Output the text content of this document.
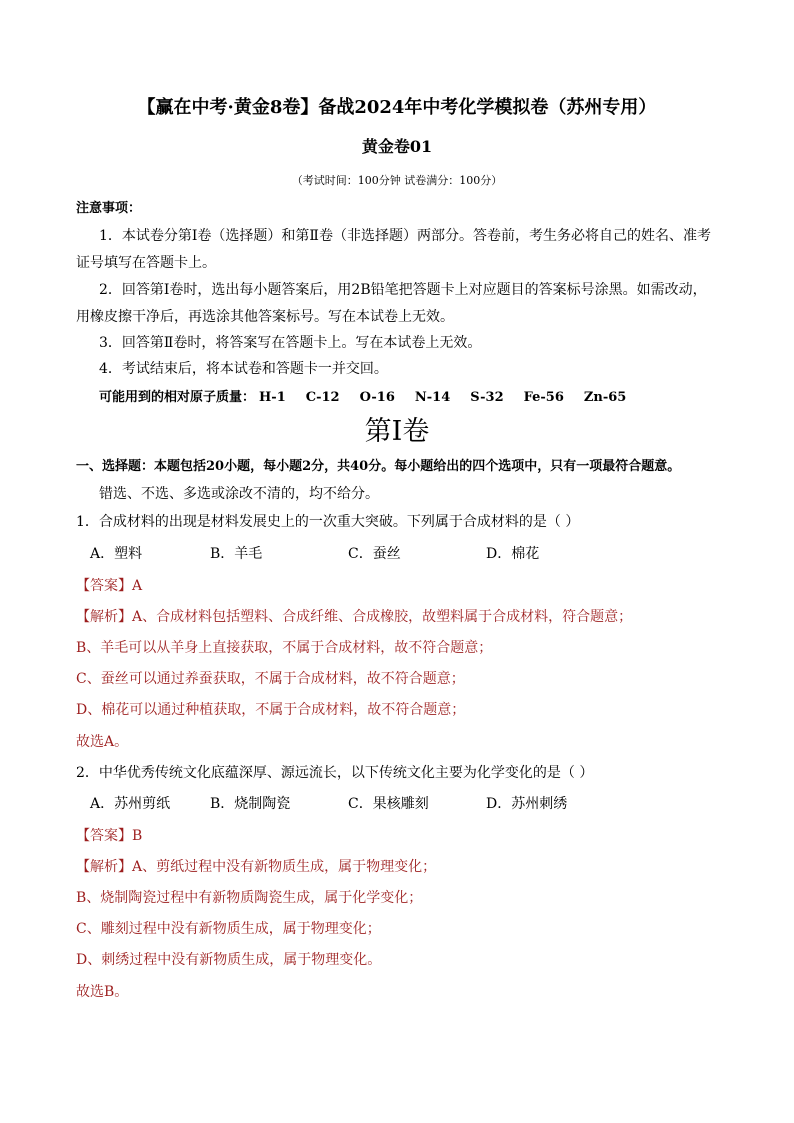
【赢在中考·黄金8卷】备战2024年中考化学模拟卷（苏州专用）
黄金卷01
（考试时间：100分钟 试卷满分：100分）
注意事项：
1．本试卷分第Ⅰ卷（选择题）和第Ⅱ卷（非选择题）两部分。答卷前，考生务必将自己的姓名、准考
证号填写在答题卡上。
2．回答第Ⅰ卷时，选出每小题答案后，用2B铅笔把答题卡上对应题目的答案标号涂黑。如需改动，
用橡皮擦干净后，再选涂其他答案标号。写在本试卷上无效。
3．回答第Ⅱ卷时，将答案写在答题卡上。写在本试卷上无效。
4．考试结束后，将本试卷和答题卡一并交回。
可能用到的相对原子质量： H-1 C-12 O-16 N-14 S-32 Fe-56 Zn-65
第Ⅰ卷
一、选择题：本题包括20小题，每小题2分，共40分。每小题给出的四个选项中，只有一项最符合题意。
错选、不选、多选或涂改不清的，均不给分。
1．合成材料的出现是材料发展史上的一次重大突破。下列属于合成材料的是（ ）
A．塑料	B．羊毛	C．蚕丝	D．棉花
【答案】A
【解析】A、合成材料包括塑料、合成纤维、合成橡胶，故塑料属于合成材料，符合题意；
B、羊毛可以从羊身上直接获取，不属于合成材料，故不符合题意；
C、蚕丝可以通过养蚕获取，不属于合成材料，故不符合题意；
D、棉花可以通过种植获取，不属于合成材料，故不符合题意；
故选A。
2．中华优秀传统文化底蕴深厚、源远流长，以下传统文化主要为化学变化的是（ ）
A．苏州剪纸	B．烧制陶瓷	C．果核雕刻	D．苏州刺绣
【答案】B
【解析】A、剪纸过程中没有新物质生成，属于物理变化；
B、烧制陶瓷过程中有新物质陶瓷生成，属于化学变化；
C、雕刻过程中没有新物质生成，属于物理变化；
D、刺绣过程中没有新物质生成，属于物理变化。
故选B。
